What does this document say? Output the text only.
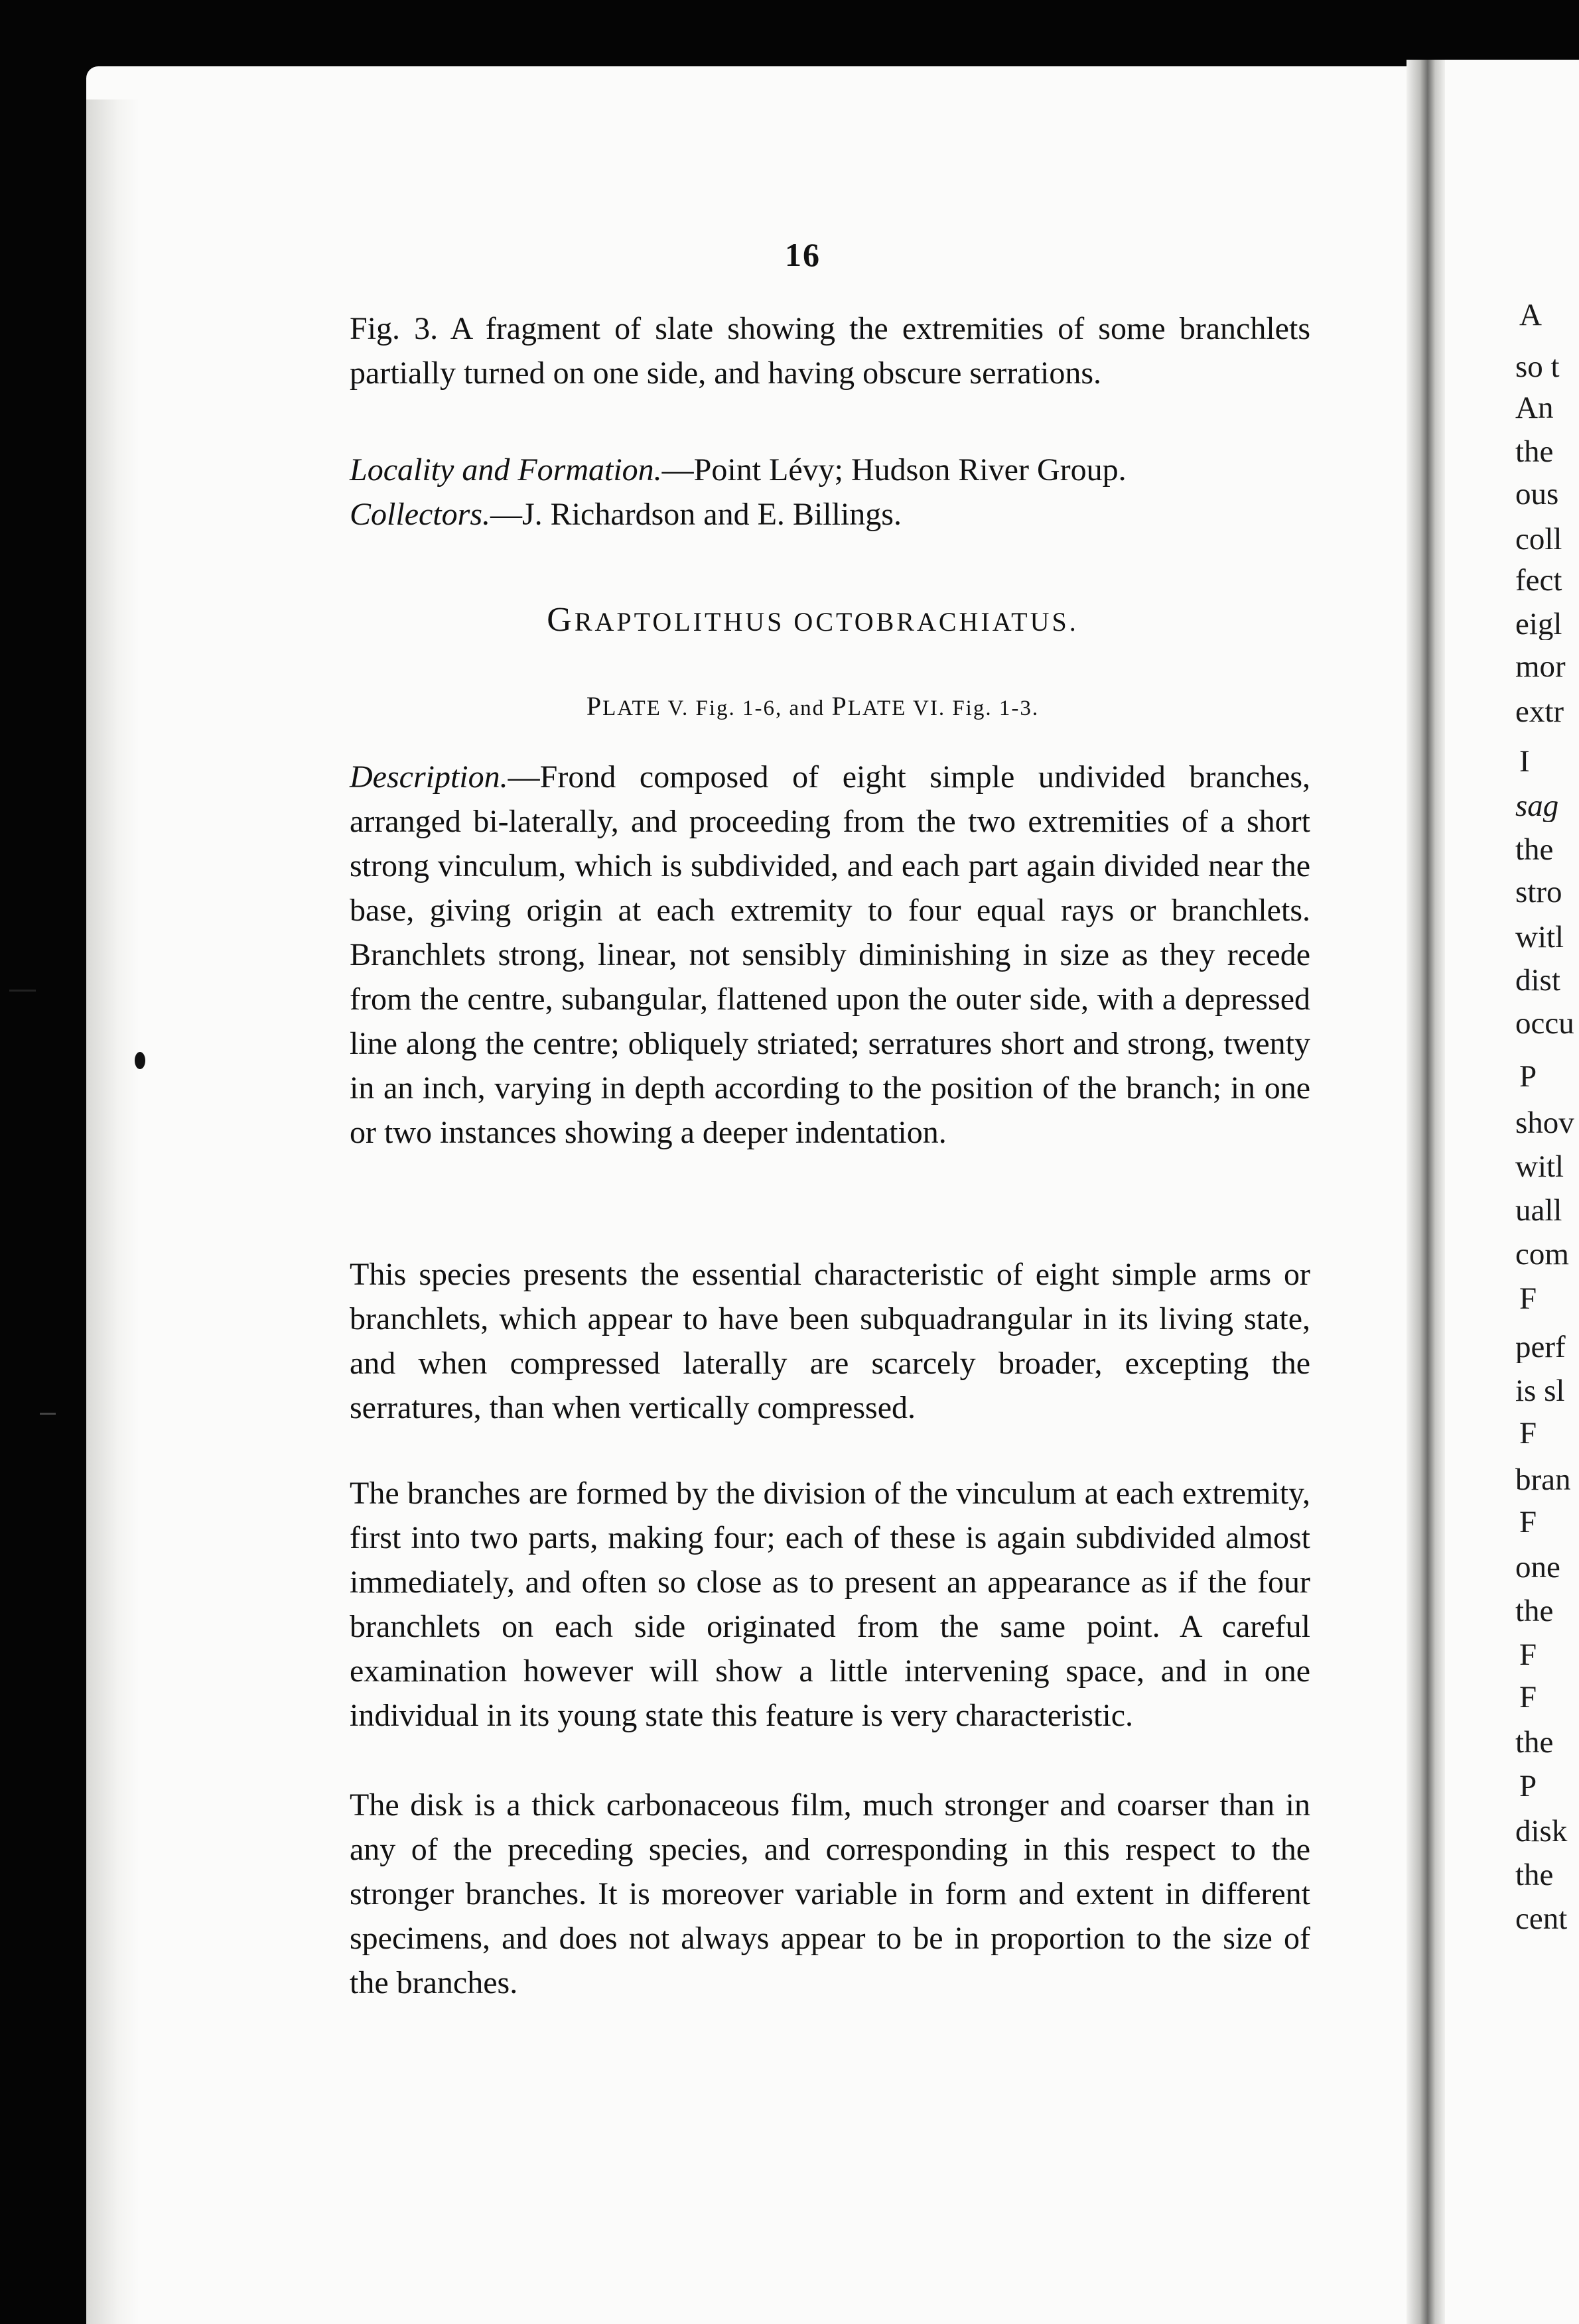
16
Fig. 3. A fragment of slate showing the extremities of some branchlets partially turned on one side, and having obscure serrations.
Locality and Formation.—Point Lévy; Hudson River Group.
Collectors.—J. Richardson and E. Billings.
GRAPTOLITHUS OCTOBRACHIATUS.
PLATE V. Fig. 1-6, and PLATE VI. Fig. 1-3.
Description.—Frond composed of eight simple undivided branches, arranged bi-laterally, and proceeding from the two extremities of a short strong vinculum, which is subdivided, and each part again divided near the base, giving origin at each extremity to four equal rays or branchlets. Branchlets strong, linear, not sensibly diminishing in size as they recede from the centre, subangular, flattened upon the outer side, with a depressed line along the centre; obliquely striated; serratures short and strong, twenty in an inch, varying in depth according to the position of the branch; in one or two instances showing a deeper indentation.
This species presents the essential characteristic of eight simple arms or branchlets, which appear to have been subquadrangular in its living state, and when compressed laterally are scarcely broader, excepting the serratures, than when vertically compressed.
The branches are formed by the division of the vinculum at each extremity, first into two parts, making four; each of these is again subdivided almost immediately, and often so close as to present an appearance as if the four branchlets on each side originated from the same point. A careful examination however will show a little intervening space, and in one individual in its young state this feature is very characteristic.
The disk is a thick carbonaceous film, much stronger and coarser than in any of the preceding species, and corresponding in this respect to the stronger branches. It is moreover variable in form and extent in different specimens, and does not always appear to be in proportion to the size of the branches.
A
so t
An
the
ous
coll
fect
eigl
mor
extr
I
sag
the
stro
witl
dist
occu
P
shov
witl
uall
com
F
perf
is sl
F
bran
F
one
the
F
F
the
P
disk
the
cent
